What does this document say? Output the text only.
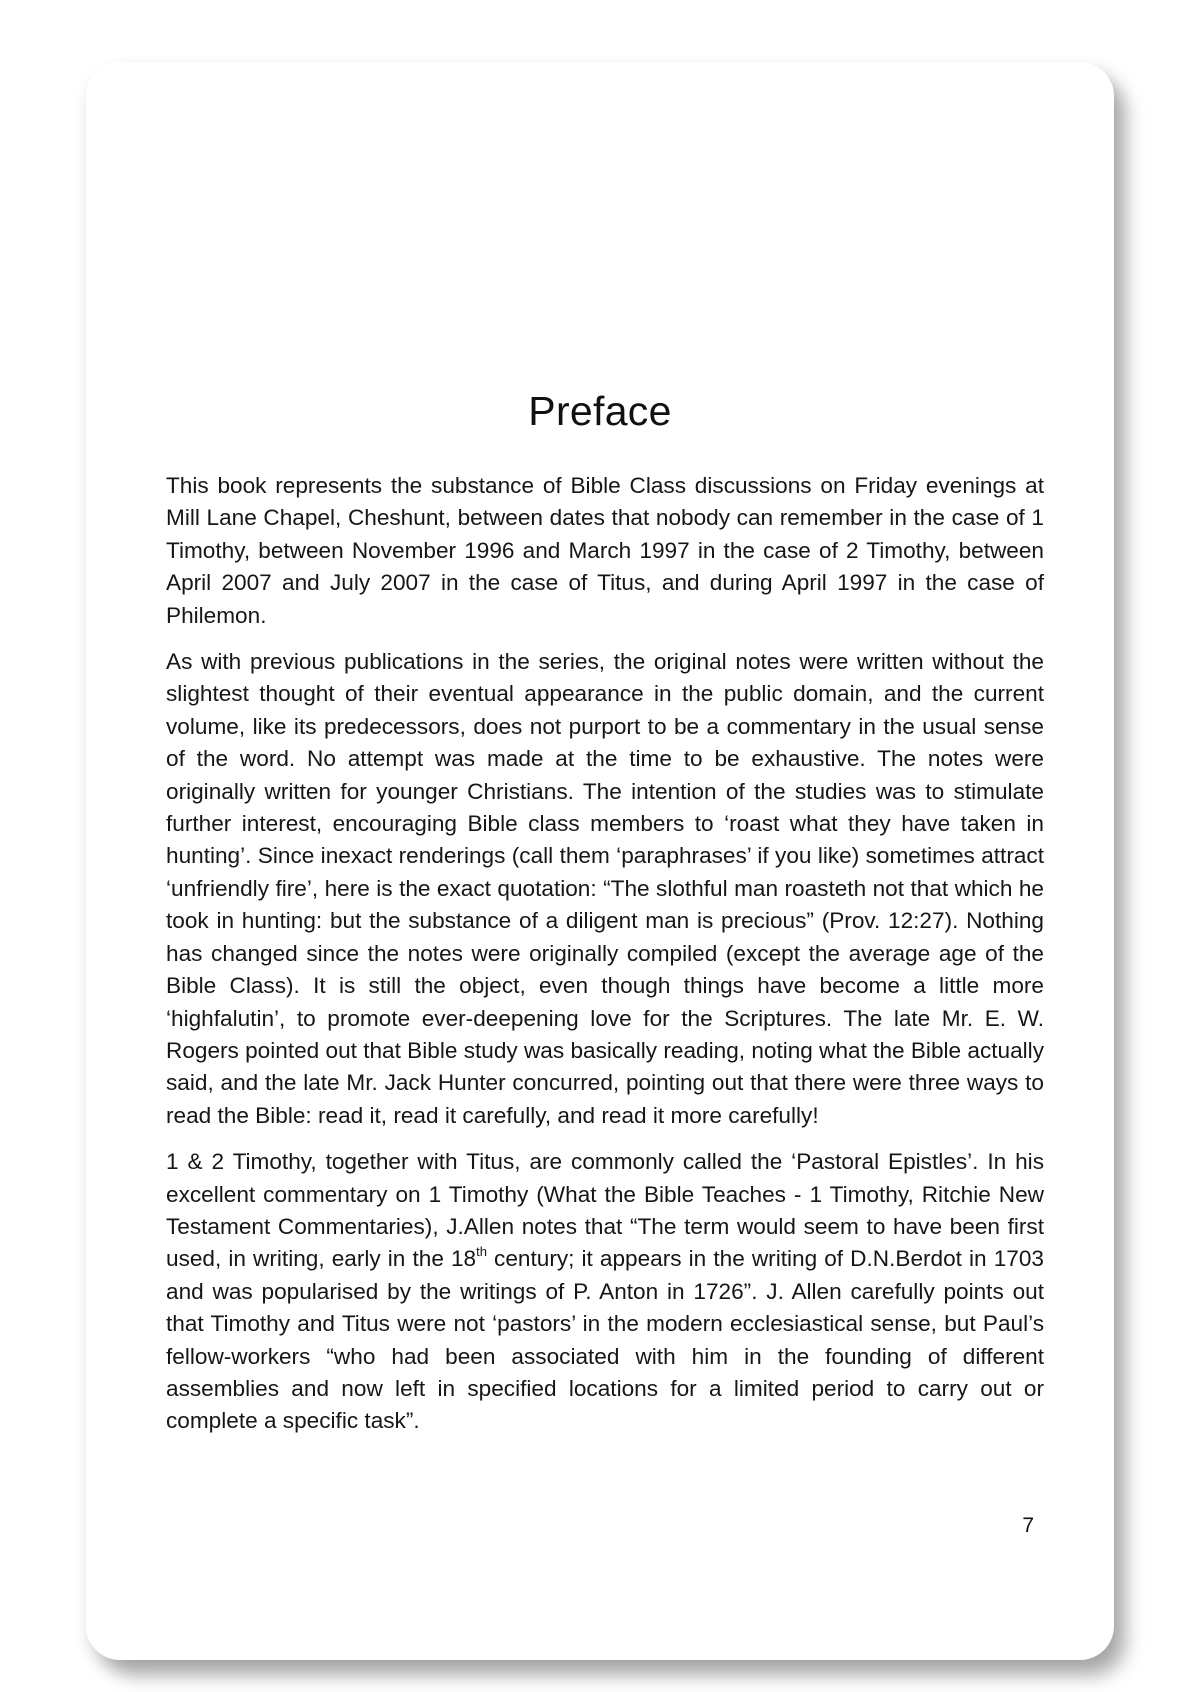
Preface

This book represents the substance of Bible Class discussions on Friday evenings at Mill Lane Chapel, Cheshunt, between dates that nobody can remember in the case of 1 Timothy, between November 1996 and March 1997 in the case of 2 Timothy, between April 2007 and July 2007 in the case of Titus, and during April 1997 in the case of Philemon.

As with previous publications in the series, the original notes were written without the slightest thought of their eventual appearance in the public domain, and the current volume, like its predecessors, does not purport to be a commentary in the usual sense of the word. No attempt was made at the time to be exhaustive. The notes were originally written for younger Christians. The intention of the studies was to stimulate further interest, encouraging Bible class members to ‘roast what they have taken in hunting’. Since inexact renderings (call them ‘paraphrases’ if you like) sometimes attract ‘unfriendly fire’, here is the exact quotation: “The slothful man roasteth not that which he took in hunting: but the substance of a diligent man is precious” (Prov. 12:27). Nothing has changed since the notes were originally compiled (except the average age of the Bible Class). It is still the object, even though things have become a little more ‘highfalutin’, to promote ever-deepening love for the Scriptures. The late Mr. E. W. Rogers pointed out that Bible study was basically reading, noting what the Bible actually said, and the late Mr. Jack Hunter concurred, pointing out that there were three ways to read the Bible: read it, read it carefully, and read it more carefully!

1 & 2 Timothy, together with Titus, are commonly called the ‘Pastoral Epistles’. In his excellent commentary on 1 Timothy (What the Bible Teaches - 1 Timothy, Ritchie New Testament Commentaries), J.Allen notes that “The term would seem to have been first used, in writing, early in the 18th century; it appears in the writing of D.N.Berdot in 1703 and was popularised by the writings of P. Anton in 1726”. J. Allen carefully points out that Timothy and Titus were not ‘pastors’ in the modern ecclesiastical sense, but Paul’s fellow-workers “who had been associated with him in the founding of different assemblies and now left in specified locations for a limited period to carry out or complete a specific task”.

7
